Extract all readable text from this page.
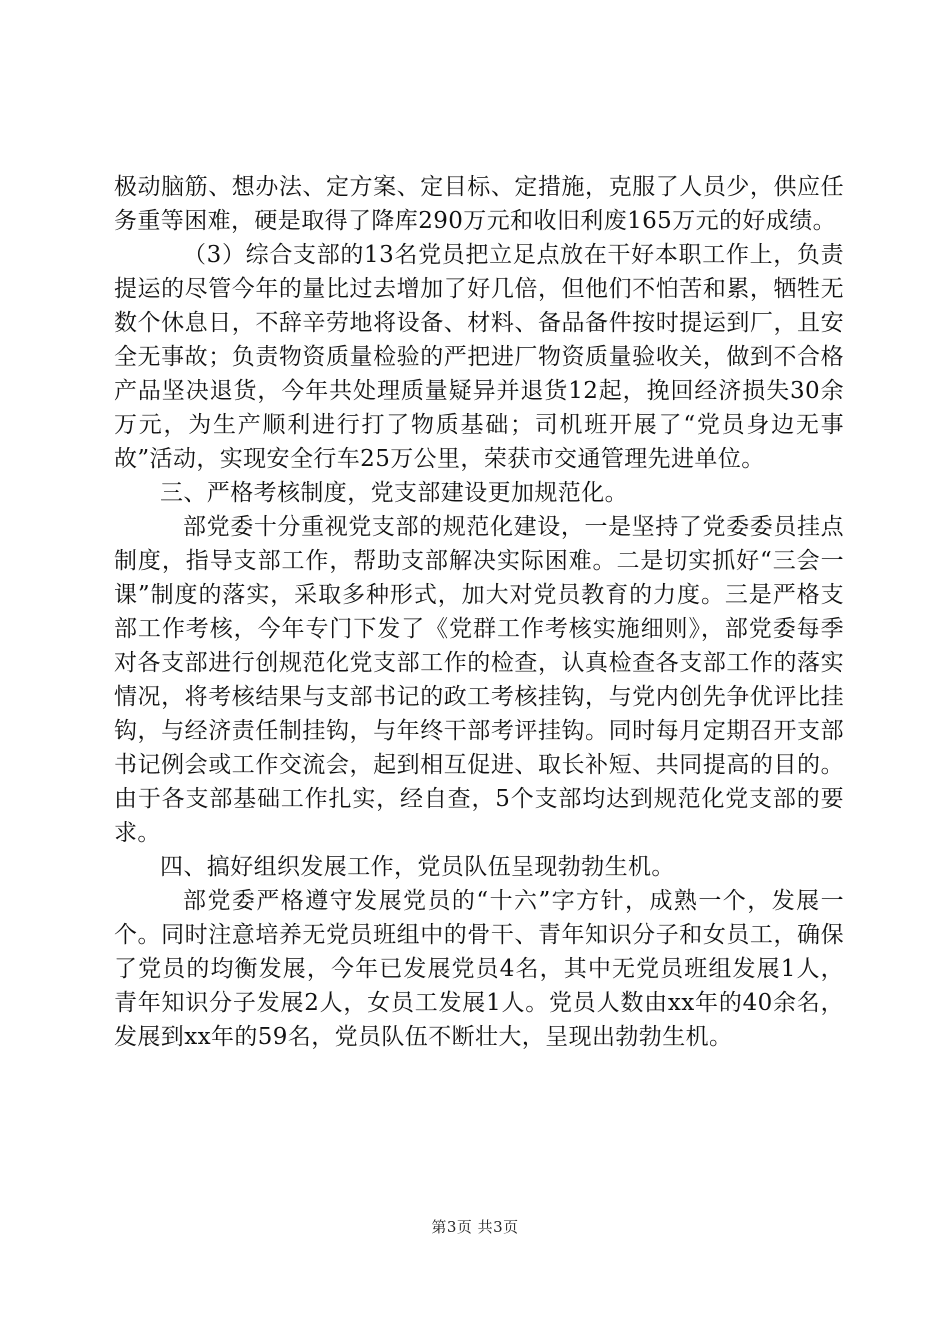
极动脑筋、想办法、定方案、定目标、定措施，克服了人员少，供应任务重等困难，硬是取得了降库290万元和收旧利废165万元的好成绩。

（3）综合支部的13名党员把立足点放在干好本职工作上，负责提运的尽管今年的量比过去增加了好几倍，但他们不怕苦和累，牺牲无数个休息日，不辞辛劳地将设备、材料、备品备件按时提运到厂，且安全无事故；负责物资质量检验的严把进厂物资质量验收关，做到不合格产品坚决退货，今年共处理质量疑异并退货12起，挽回经济损失30余万元，为生产顺利进行打了物质基础；司机班开展了“党员身边无事故”活动，实现安全行车25万公里，荣获市交通管理先进单位。

三、严格考核制度，党支部建设更加规范化。

部党委十分重视党支部的规范化建设，一是坚持了党委委员挂点制度，指导支部工作，帮助支部解决实际困难。二是切实抓好“三会一课”制度的落实，采取多种形式，加大对党员教育的力度。三是严格支部工作考核，今年专门下发了《党群工作考核实施细则》，部党委每季对各支部进行创规范化党支部工作的检查，认真检查各支部工作的落实情况，将考核结果与支部书记的政工考核挂钩，与党内创先争优评比挂钩，与经济责任制挂钩，与年终干部考评挂钩。同时每月定期召开支部书记例会或工作交流会，起到相互促进、取长补短、共同提高的目的。由于各支部基础工作扎实，经自查，5个支部均达到规范化党支部的要求。

四、搞好组织发展工作，党员队伍呈现勃勃生机。

部党委严格遵守发展党员的“十六”字方针，成熟一个，发展一个。同时注意培养无党员班组中的骨干、青年知识分子和女员工，确保了党员的均衡发展，今年已发展党员4名，其中无党员班组发展1人，青年知识分子发展2人，女员工发展1人。党员人数由xx年的40余名，发展到xx年的59名，党员队伍不断壮大，呈现出勃勃生机。

第3页 共3页
